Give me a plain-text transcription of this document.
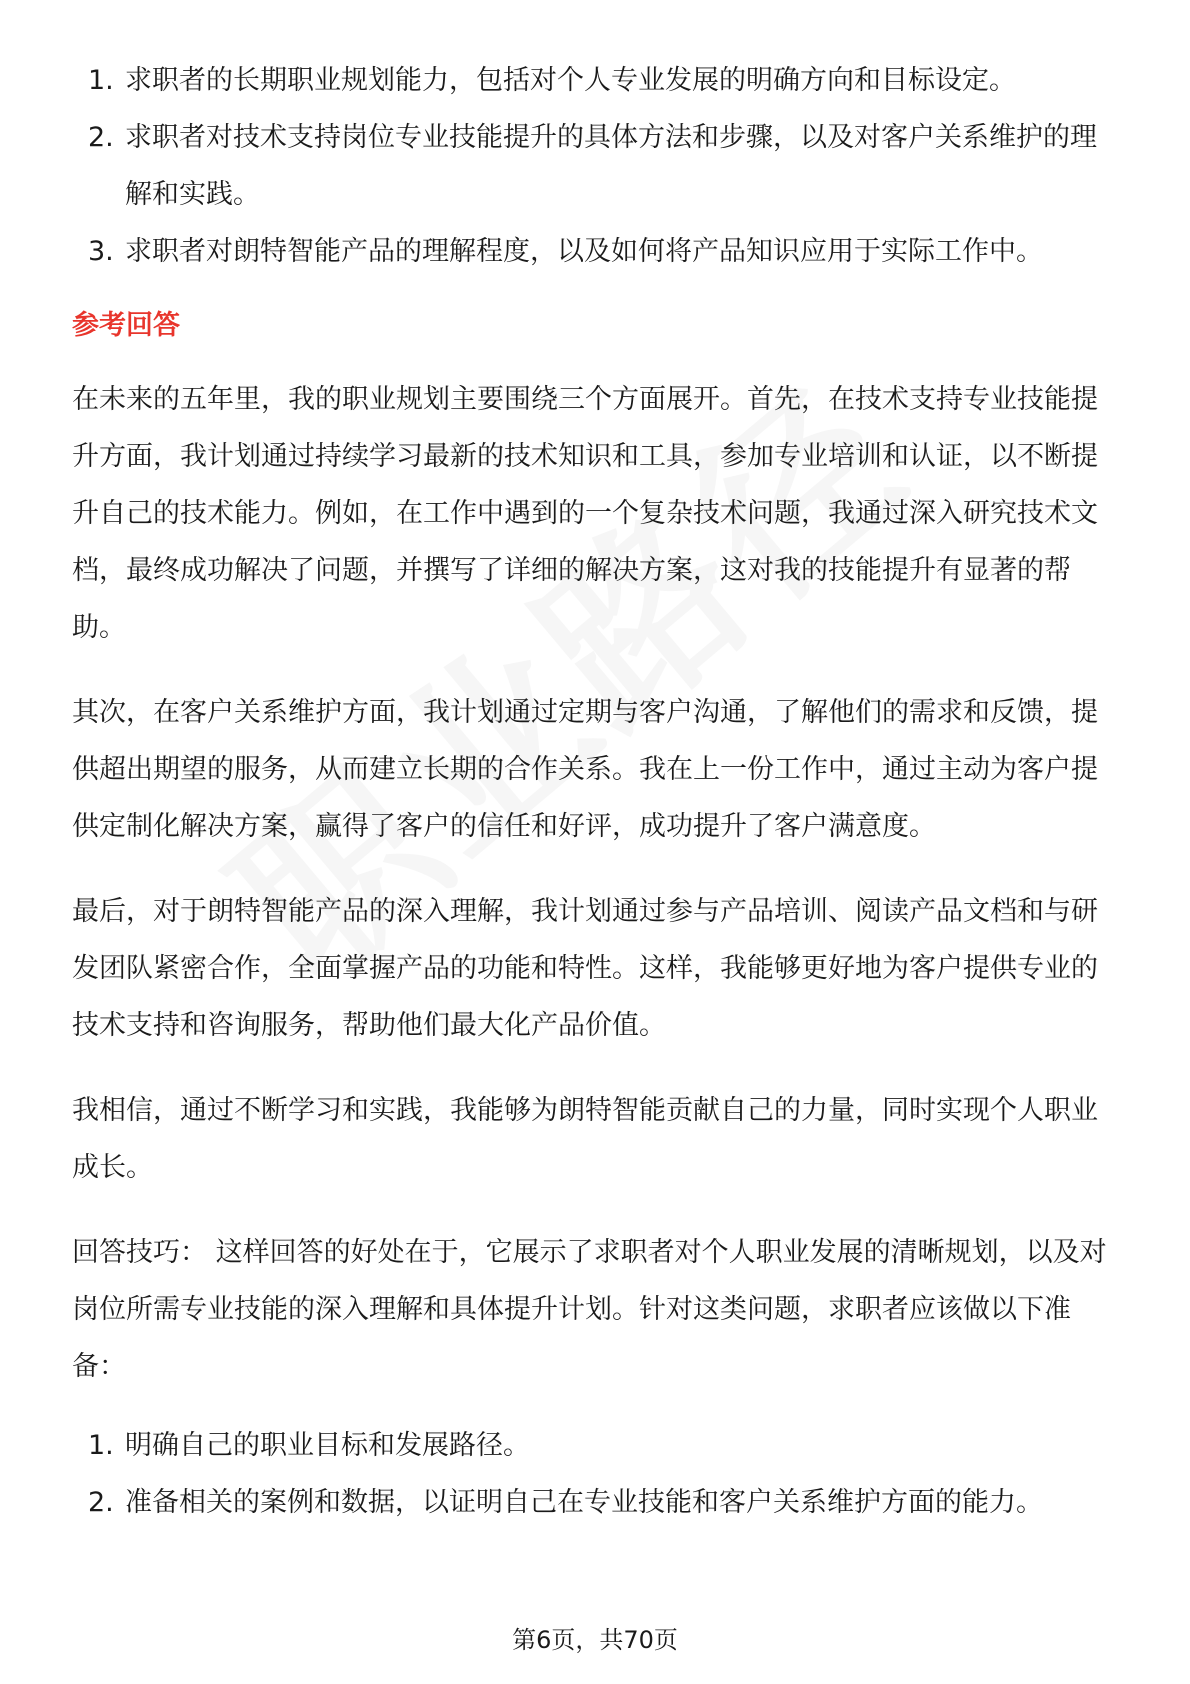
1. 求职者的长期职业规划能力，包括对个人专业发展的明确方向和目标设定。
2. 求职者对技术支持岗位专业技能提升的具体方法和步骤，以及对客户关系维护的理解和实践。
3. 求职者对朗特智能产品的理解程度，以及如何将产品知识应用于实际工作中。
参考回答

在未来的五年里，我的职业规划主要围绕三个方面展开。首先，在技术支持专业技能提升方面，我计划通过持续学习最新的技术知识和工具，参加专业培训和认证，以不断提升自己的技术能力。例如，在工作中遇到的一个复杂技术问题，我通过深入研究技术文档，最终成功解决了问题，并撰写了详细的解决方案，这对我的技能提升有显著的帮助。

其次，在客户关系维护方面，我计划通过定期与客户沟通，了解他们的需求和反馈，提供超出期望的服务，从而建立长期的合作关系。我在上一份工作中，通过主动为客户提供定制化解决方案，赢得了客户的信任和好评，成功提升了客户满意度。

最后，对于朗特智能产品的深入理解，我计划通过参与产品培训、阅读产品文档和与研发团队紧密合作，全面掌握产品的功能和特性。这样，我能够更好地为客户提供专业的技术支持和咨询服务，帮助他们最大化产品价值。

我相信，通过不断学习和实践，我能够为朗特智能贡献自己的力量，同时实现个人职业成长。

回答技巧： 这样回答的好处在于，它展示了求职者对个人职业发展的清晰规划，以及对岗位所需专业技能的深入理解和具体提升计划。针对这类问题，求职者应该做以下准备：

1. 明确自己的职业目标和发展路径。
2. 准备相关的案例和数据，以证明自己在专业技能和客户关系维护方面的能力。
第6页，共70页
